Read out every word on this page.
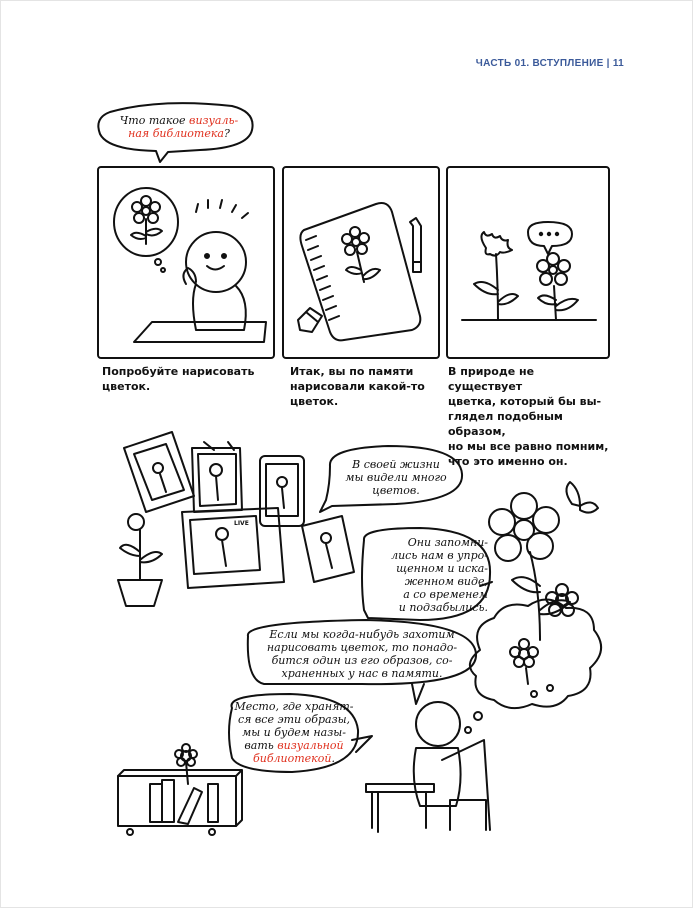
ЧАСТЬ 01. ВСТУПЛЕНИЕ | 11
Что такое визуаль-
ная библиотека?
Попробуйте нарисовать
цветок.
Итак, вы по памяти
нарисовали какой-то
цветок.
В природе не существует
цветка, который бы вы-
глядел подобным образом,
но мы все равно помним,
что это именно он.
LIVE
В своей жизни
мы видели много
цветов.
Они запомни-
лись нам в упро-
щенном и иска-
женном виде,
а со временем
и подзабылись.
Если мы когда-нибудь захотим
нарисовать цветок, то понадо-
бится один из его образов, со-
храненных у нас в памяти.
Место, где хранят-
ся все эти образы,
мы и будем назы-
вать визуальной
библиотекой.
